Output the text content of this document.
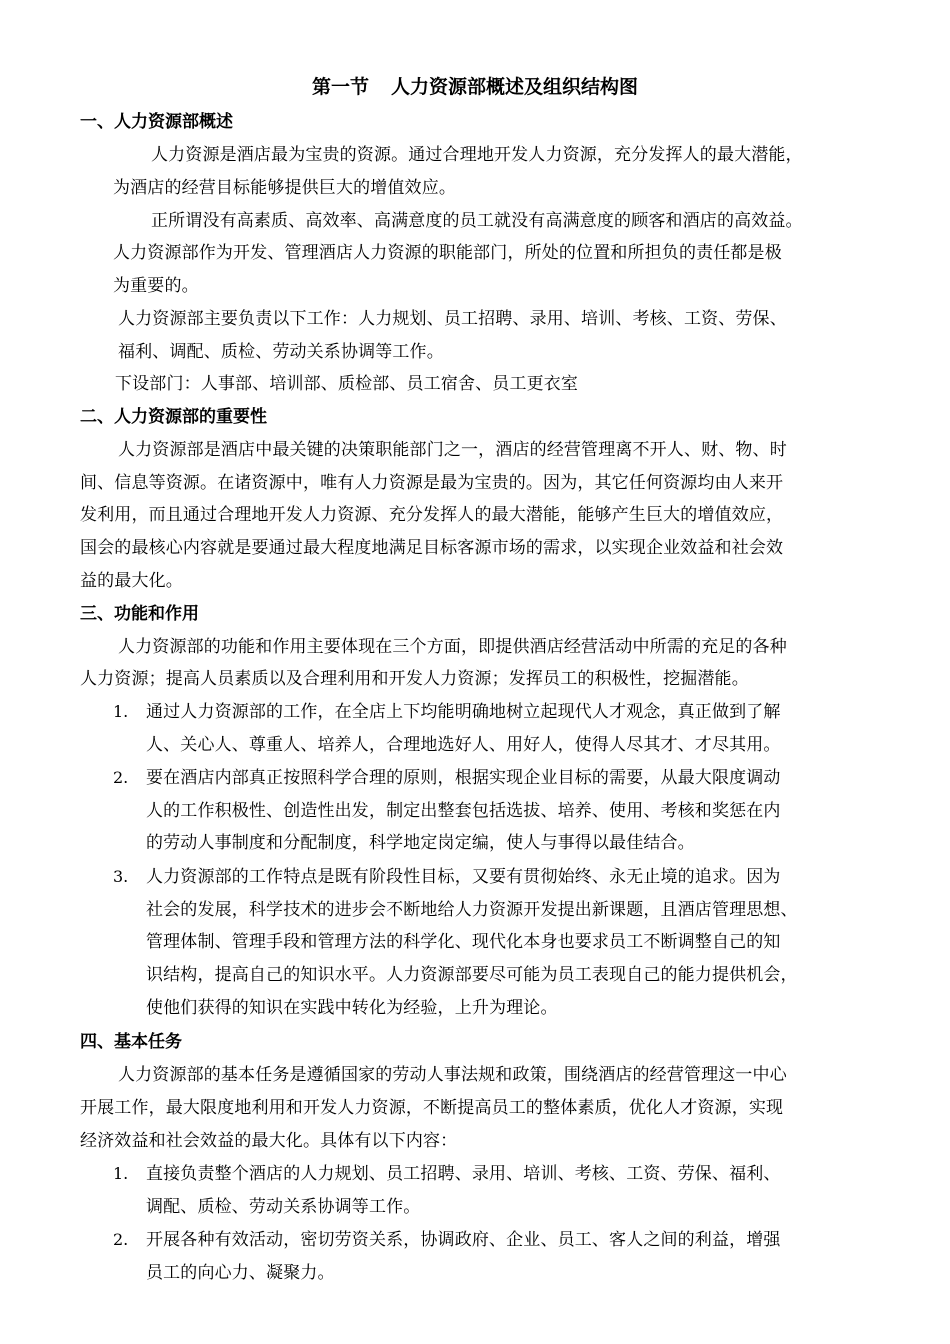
第一节 人力资源部概述及组织结构图
一、人力资源部概述
人力资源是酒店最为宝贵的资源。通过合理地开发人力资源，充分发挥人的最大潜能，
为酒店的经营目标能够提供巨大的增值效应。
正所谓没有高素质、高效率、高满意度的员工就没有高满意度的顾客和酒店的高效益。
人力资源部作为开发、管理酒店人力资源的职能部门，所处的位置和所担负的责任都是极
为重要的。
人力资源部主要负责以下工作：人力规划、员工招聘、录用、培训、考核、工资、劳保、
福利、调配、质检、劳动关系协调等工作。
下设部门：人事部、培训部、质检部、员工宿舍、员工更衣室
二、人力资源部的重要性
人力资源部是酒店中最关键的决策职能部门之一，酒店的经营管理离不开人、财、物、时
间、信息等资源。在诸资源中，唯有人力资源是最为宝贵的。因为，其它任何资源均由人来开
发利用，而且通过合理地开发人力资源、充分发挥人的最大潜能，能够产生巨大的增值效应，
国会的最核心内容就是要通过最大程度地满足目标客源市场的需求，以实现企业效益和社会效
益的最大化。
三、功能和作用
人力资源部的功能和作用主要体现在三个方面，即提供酒店经营活动中所需的充足的各种
人力资源；提高人员素质以及合理利用和开发人力资源；发挥员工的积极性，挖掘潜能。
1. 通过人力资源部的工作，在全店上下均能明确地树立起现代人才观念，真正做到了解
人、关心人、尊重人、培养人，合理地选好人、用好人，使得人尽其才、才尽其用。
2. 要在酒店内部真正按照科学合理的原则，根据实现企业目标的需要，从最大限度调动
人的工作积极性、创造性出发，制定出整套包括选拔、培养、使用、考核和奖惩在内
的劳动人事制度和分配制度，科学地定岗定编，使人与事得以最佳结合。
3. 人力资源部的工作特点是既有阶段性目标，又要有贯彻始终、永无止境的追求。因为
社会的发展，科学技术的进步会不断地给人力资源开发提出新课题，且酒店管理思想、
管理体制、管理手段和管理方法的科学化、现代化本身也要求员工不断调整自己的知
识结构，提高自己的知识水平。人力资源部要尽可能为员工表现自己的能力提供机会，
使他们获得的知识在实践中转化为经验，上升为理论。
四、基本任务
人力资源部的基本任务是遵循国家的劳动人事法规和政策，围绕酒店的经营管理这一中心
开展工作，最大限度地利用和开发人力资源，不断提高员工的整体素质，优化人才资源，实现
经济效益和社会效益的最大化。具体有以下内容：
1. 直接负责整个酒店的人力规划、员工招聘、录用、培训、考核、工资、劳保、福利、
调配、质检、劳动关系协调等工作。
2. 开展各种有效活动，密切劳资关系，协调政府、企业、员工、客人之间的利益，增强
员工的向心力、凝聚力。
